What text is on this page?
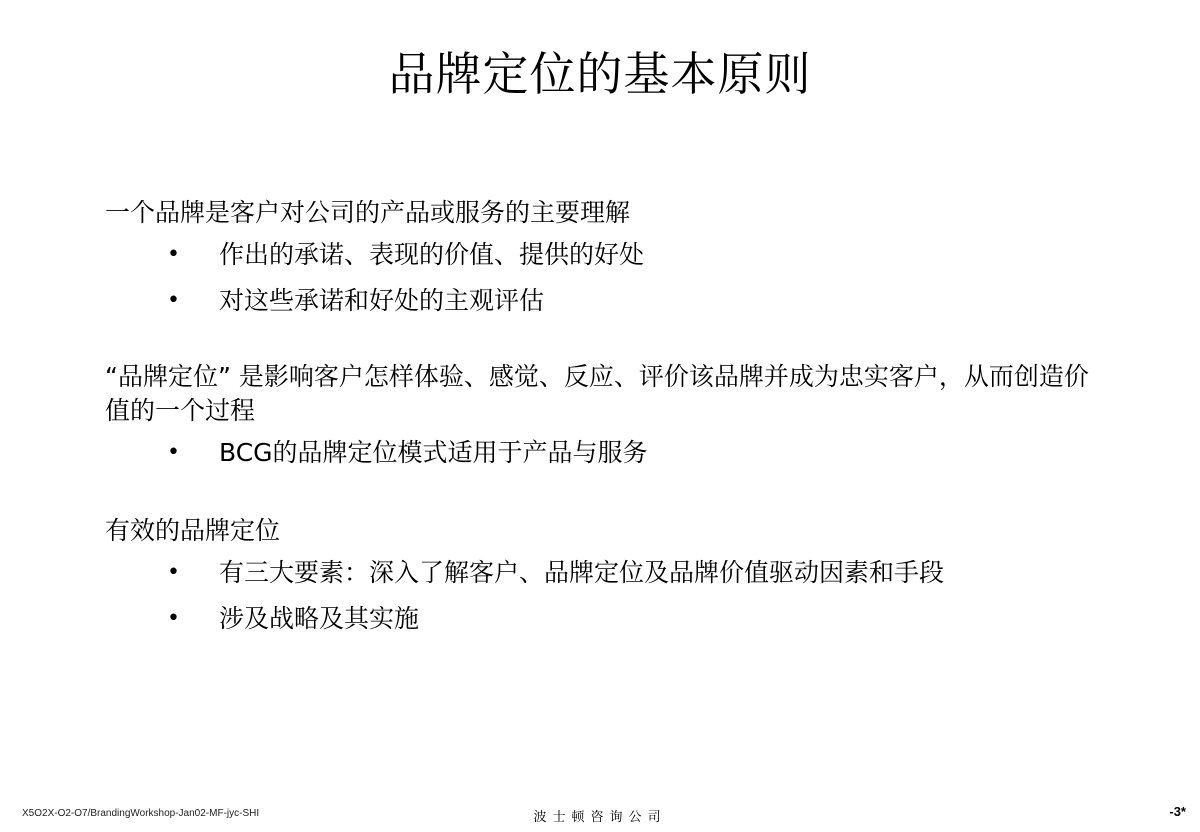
品牌定位的基本原则

一个品牌是客户对公司的产品或服务的主要理解

• 作出的承诺、表现的价值、提供的好处
• 对这些承诺和好处的主观评估

“品牌定位” 是影响客户怎样体验、感觉、反应、评价该品牌并成为忠实客户，从而创造价值的一个过程

• BCG的品牌定位模式适用于产品与服务

有效的品牌定位

• 有三大要素：深入了解客户、品牌定位及品牌价值驱动因素和手段
• 涉及战略及其实施
X5O2X-O2-O7/BrandingWorkshop-Jan02-MF-jyc-SHI	波士顿咨询公司	-3*
